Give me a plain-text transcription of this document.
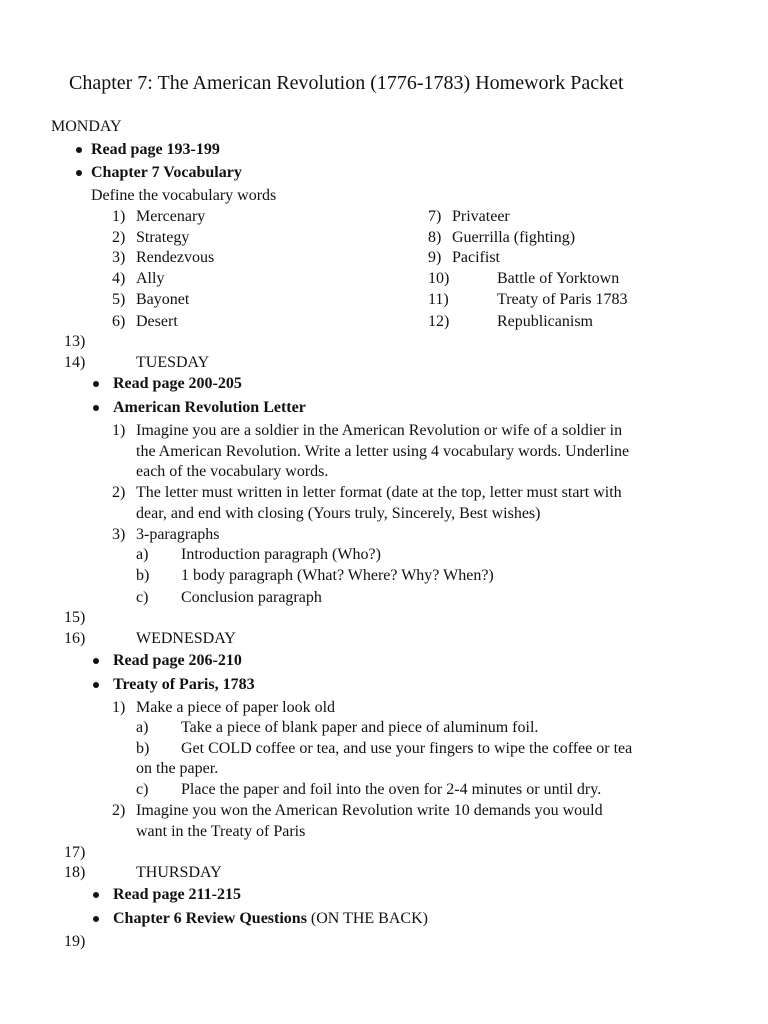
Chapter 7: The American Revolution (1776-1783) Homework Packet
MONDAY
Read page 193-199
Chapter 7 Vocabulary
Define the vocabulary words
1) Mercenary
2) Strategy
3) Rendezvous
4) Ally
5) Bayonet
6) Desert
7) Privateer
8) Guerrilla (fighting)
9) Pacifist
10)	Battle of Yorktown
11)	Treaty of Paris 1783
12)	Republicanism
13)
14)	TUESDAY
Read page 200-205
American Revolution Letter
1) Imagine you are a soldier in the American Revolution or wife of a soldier in
the American Revolution. Write a letter using 4 vocabulary words. Underline
each of the vocabulary words.
2) The letter must written in letter format (date at the top, letter must start with
dear, and end with closing (Yours truly, Sincerely, Best wishes)
3) 3-paragraphs
a) Introduction paragraph (Who?)
b) 1 body paragraph (What? Where? Why? When?)
c) Conclusion paragraph
15)
16)	WEDNESDAY
Read page 206-210
Treaty of Paris, 1783
1) Make a piece of paper look old
a) Take a piece of blank paper and piece of aluminum foil.
b) Get COLD coffee or tea, and use your fingers to wipe the coffee or tea
on the paper.
c) Place the paper and foil into the oven for 2-4 minutes or until dry.
2) Imagine you won the American Revolution write 10 demands you would
want in the Treaty of Paris
17)
18)	THURSDAY
Read page 211-215
Chapter 6 Review Questions (ON THE BACK)
19)
